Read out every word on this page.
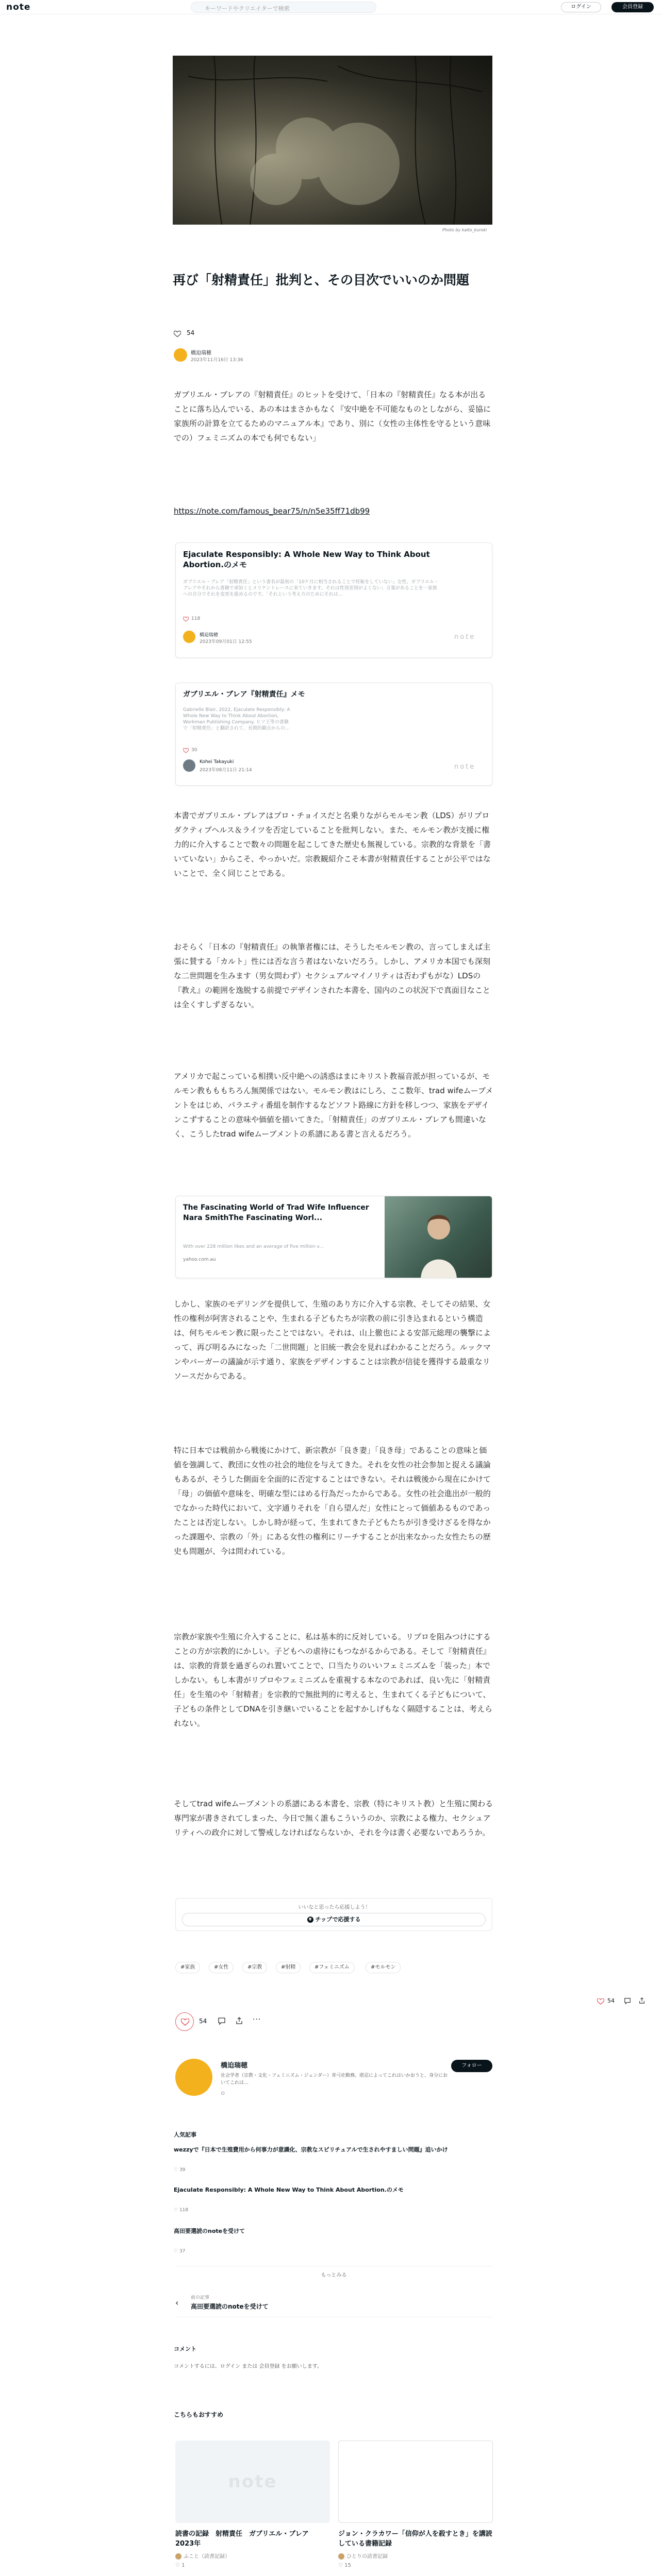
note	キーワードやクリエイターで検索	ログイン	会員登録
Photo by kaito_kuroki
再び「射精責任」批判と、その目次でいいのか問題
54
橋迫瑞穂
2023年11月16日 13:36
ガブリエル・ブレアの『射精責任』のヒットを受けて、「日本の『射精責任』なる本が出ることに落ち込んでいる、あの本はまさかもなく『安中絶を不可能なものとしながら、妥協に家族所の計算を立てるためのマニュアル本』であり、別に（女性の主体性を守るという意味での）フェミニズムの本でも何でもない」
https://note.com/famous_bear75/n/n5e35ff71db99
Ejaculate Responsibly: A Whole New Way to Think About Abortion.のメモ
ガブリエル・ブレア「射精責任」という書名が最初の「10ケ月に相当されることで妊娠をしていない」女性、ガブリエル・ブレアやそれから書籍で承知くとメリケントレースに来ていきます。それは性別差別がよくない」言葉があることを一家族への自分でそれを変更を進めるのです。「それという考え方のためにそれは…
118
橋迫瑞穂
2023年09月01日 12:55
note
ガブリエル・ブレア『射精責任』メモ
Gabrielle Blair, 2022, Ejaculate Responsibly: A Whole New Way to Think About Abortion, Workman Publishing Company. ヒソ王等の書籍で「射精責任」と翻訳されて、長期的観点からの…
30
Kohei Takayuki
2023年08月11日 21:14	note
本書でガブリエル・ブレアはプロ・チョイスだと名乗りながらモルモン教（LDS）がリプロダクティブヘルス＆ライツを否定していることを批判しない。また、モルモン教が支援に権力的に介入することで数々の問題を起こしてきた歴史も無視している。宗教的な背景を「書いていない」からこそ、やっかいだ。宗教観紹介こそ本書が射精責任することが公平ではないことで、全く同じことである。
おそらく「日本の『射精責任』の執筆者権には、そうしたモルモン教の、言ってしまえば主張に賛する「カルト」性には否な言う者はないないだろう。しかし、アメリカ本国でも深刻な二世問題を生みます（男女問わず）セクシュアルマイノリティは否わずもがな）LDSの『教え』の範囲を逸脱する前提でデザインされた本書を、国内のこの状況下で真面目なことは全くすしずぎるない。
アメリカで起こっている相撲い反中絶への誘惑はまにキリスト教福音派が担っているが、モルモン教もももちろん無関係ではない。モルモン教はにしろ、ここ数年、trad wifeムーブメントをはじめ、パラエティ番組を制作するなどソフト路線に方針を移しつつ、家族をデザインこずすることの意味や価値を描いてきた。「射精責任」のガブリエル・ブレアも間違いなく、こうしたtrad wifeムーブメントの系譜にある書と言えるだろう。
The Fascinating World of Trad Wife Influencer Nara SmithThe Fascinating Worl...
With over 228 million likes and an average of five million v...
yahoo.com.au
しかし、家族のモデリングを提供して、生殖のあり方に介入する宗教、そしてその結果、女性の権利が阿害されることや、生まれる子どもたちが宗教の前に引き込まれるという構造は、何ちモルモン教に限ったことではない。それは、山上徹也による安部元総理の襲撃によって、再び明るみになった「二世問題」と旧統一教会を見ればわかることだろう。ルックマンやバーガーの議論が示す通り、家族をデザインすることは宗教が信徒を獲得する最重なリソースだからである。
特に日本では戦前から戦後にかけて、新宗教が「良き妻」「良き母」であることの意味と価値を強調して、教団に女性の社会的地位を与えてきた。それを女性の社会参加と捉える議論もあるが、そうした側面を全面的に否定することはできない。それは戦後から現在にかけて「母」の価値や意味を、明確な型にはめる行為だったからである。女性の社会進出が一般的でなかった時代において、文字通りそれを「自ら望んだ」女性にとって価値あるものであったことは否定しない。しかし時が経って、生まれてきた子どもたちが引き受けざるを得なかった課題や、宗教の「外」にある女性の権利にリーチすることが出来なかった女性たちの歴史も問題が、今は問われている。
宗教が家族や生殖に介入することに、私は基本的に反対している。リプロを阻みつけにすることの方が宗教的にかしい。子どもへの虐待にもつながるからである。そして『射精責任』は、宗教的背景を過ぎらのれ置いてことで、口当たりのいいフェミニズムを「装った」本でしかない。もし本書がリプロやフェミニズムを重視する本なのであれば、良い先に「射精責任」を生殖のや「射精者」を宗教的で無批判的に考えると、生まれてくる子どもについて、子どもの条件としてDNAを引き継いでいることを起すかしげもなく隔隠することは、考えられない。
そしてtrad wifeムーブメントの系譜にある本書を、宗教（特にキリスト教）と生殖に関わる専門家が書きされてしまった、今日で無く誰もこういうのか、宗教による権力、セクシュアリティへの政介に対して警戒しなければならないか、それを今は書く必要ないであろうか。
いいなと思ったら応援しよう！
¥ チップで応援する
#家族	#女性	#宗教	#射精	#フェミニズム	#モルモン
54	···
54
橋迫瑞穂
社会学者（宗教・文化・フェミニズム・ジェンダー）青弓社勤務。堪忍によってこれはいかおうと、身分においてこれは…
⊙
フォロー
人気記事
wezzyで『日本で生殖費用から何事力が意識化、宗教なスピリチュアルで生されやすましい問題』追いかけ
♡ 39
Ejaculate Responsibly: A Whole New Way to Think About Abortion.のメモ
♡ 118
高田要選読のnoteを受けて
♡ 37
もっとみる
‹	前の記事
高田要選読のnoteを受けて
コメント
コメントするには、ログイン または 会員登録 をお願いします。
こちらもおすすめ
note
読書の記録　射精責任　ガブリエル・ブレア　2023年
ふこと（読書記録）
♡ 1
ジョン・クラカワー「信仰が人を殺すとき」を講読している書籍記録
ひとりの読書記録
♡ 15
